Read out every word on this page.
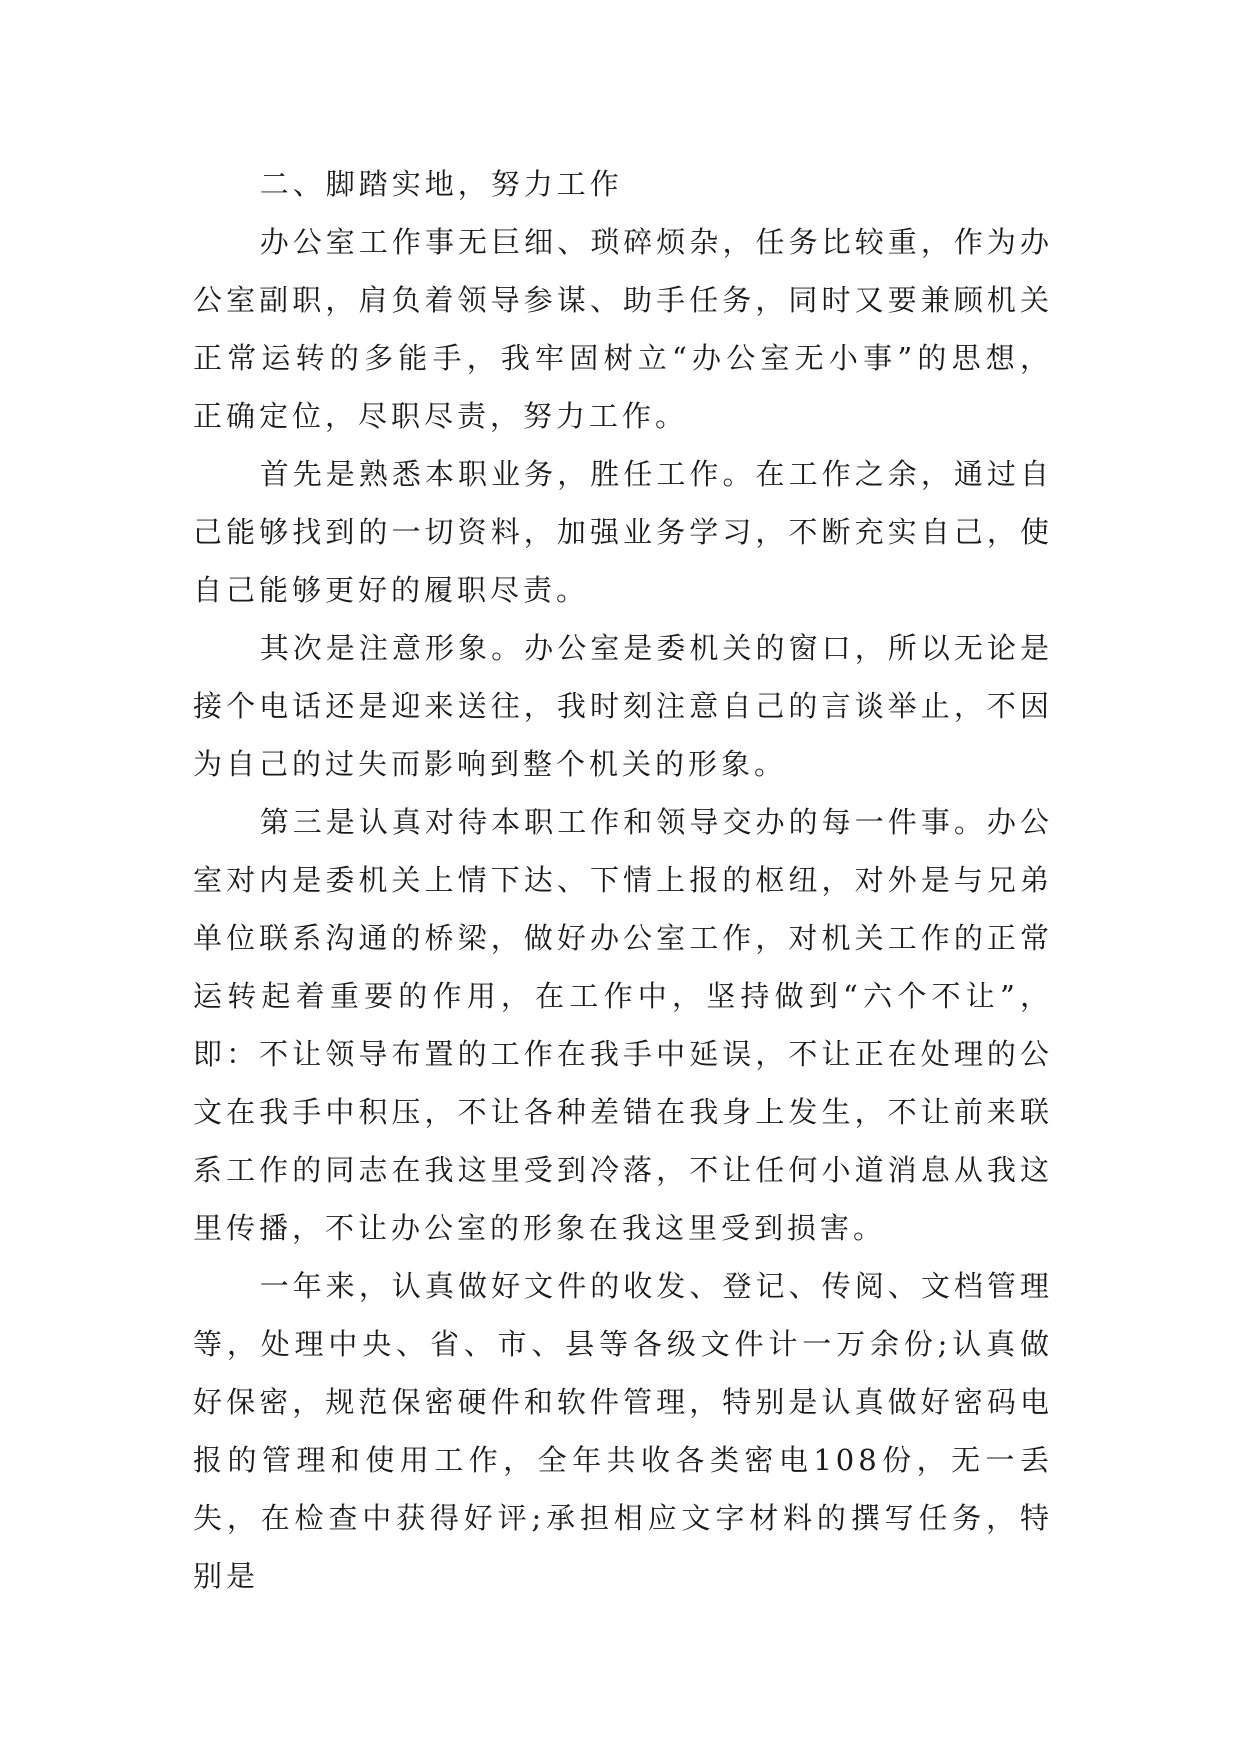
二、脚踏实地，努力工作

办公室工作事无巨细、琐碎烦杂，任务比较重，作为办公室副职，肩负着领导参谋、助手任务，同时又要兼顾机关正常运转的多能手，我牢固树立“办公室无小事”的思想，正确定位，尽职尽责，努力工作。

首先是熟悉本职业务，胜任工作。在工作之余，通过自己能够找到的一切资料，加强业务学习，不断充实自己，使自己能够更好的履职尽责。

其次是注意形象。办公室是委机关的窗口，所以无论是接个电话还是迎来送往，我时刻注意自己的言谈举止，不因为自己的过失而影响到整个机关的形象。

第三是认真对待本职工作和领导交办的每一件事。办公室对内是委机关上情下达、下情上报的枢纽，对外是与兄弟单位联系沟通的桥梁，做好办公室工作，对机关工作的正常运转起着重要的作用，在工作中，坚持做到“六个不让”，即：不让领导布置的工作在我手中延误，不让正在处理的公文在我手中积压，不让各种差错在我身上发生，不让前来联系工作的同志在我这里受到冷落，不让任何小道消息从我这里传播，不让办公室的形象在我这里受到损害。

一年来，认真做好文件的收发、登记、传阅、文档管理等，处理中央、省、市、县等各级文件计一万余份;认真做好保密，规范保密硬件和软件管理，特别是认真做好密码电报的管理和使用工作，全年共收各类密电108份，无一丢失，在检查中获得好评;承担相应文字材料的撰写任务，特别是
